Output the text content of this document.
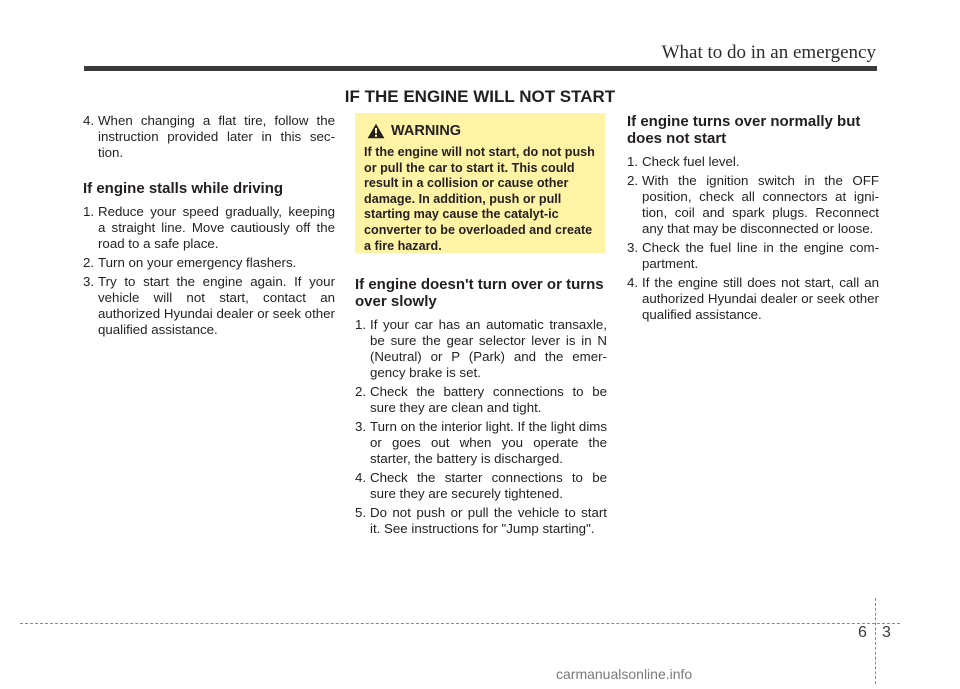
What to do in an emergency
IF THE ENGINE WILL NOT START
4. When changing a flat tire, follow the instruction provided later in this sec-tion.
If engine stalls while driving
1. Reduce your speed gradually, keeping a straight line. Move cautiously off the road to a safe place.
2. Turn on your emergency flashers.
3. Try to start the engine again. If your vehicle will not start, contact an authorized Hyundai dealer or seek other qualified assistance.
WARNING
If the engine will not start, do not push or pull the car to start it. This could result in a collision or cause other damage. In addition, push or pull starting may cause the catalyt-ic converter to be overloaded and create a fire hazard.
If engine doesn't turn over or turns over slowly
1. If your car has an automatic transaxle, be sure the gear selector lever is in N (Neutral) or P (Park) and the emer-gency brake is set.
2. Check the battery connections to be sure they are clean and tight.
3. Turn on the interior light. If the light dims or goes out when you operate the starter, the battery is discharged.
4. Check the starter connections to be sure they are securely tightened.
5. Do not push or pull the vehicle to start it. See instructions for "Jump starting".
If engine turns over normally but does not start
1. Check fuel level.
2. With the ignition switch in the OFF position, check all connectors at igni-tion, coil and spark plugs. Reconnect any that may be disconnected or loose.
3. Check the fuel line in the engine com-partment.
4. If the engine still does not start, call an authorized Hyundai dealer or seek other qualified assistance.
6 3
carmanualsonline.info
